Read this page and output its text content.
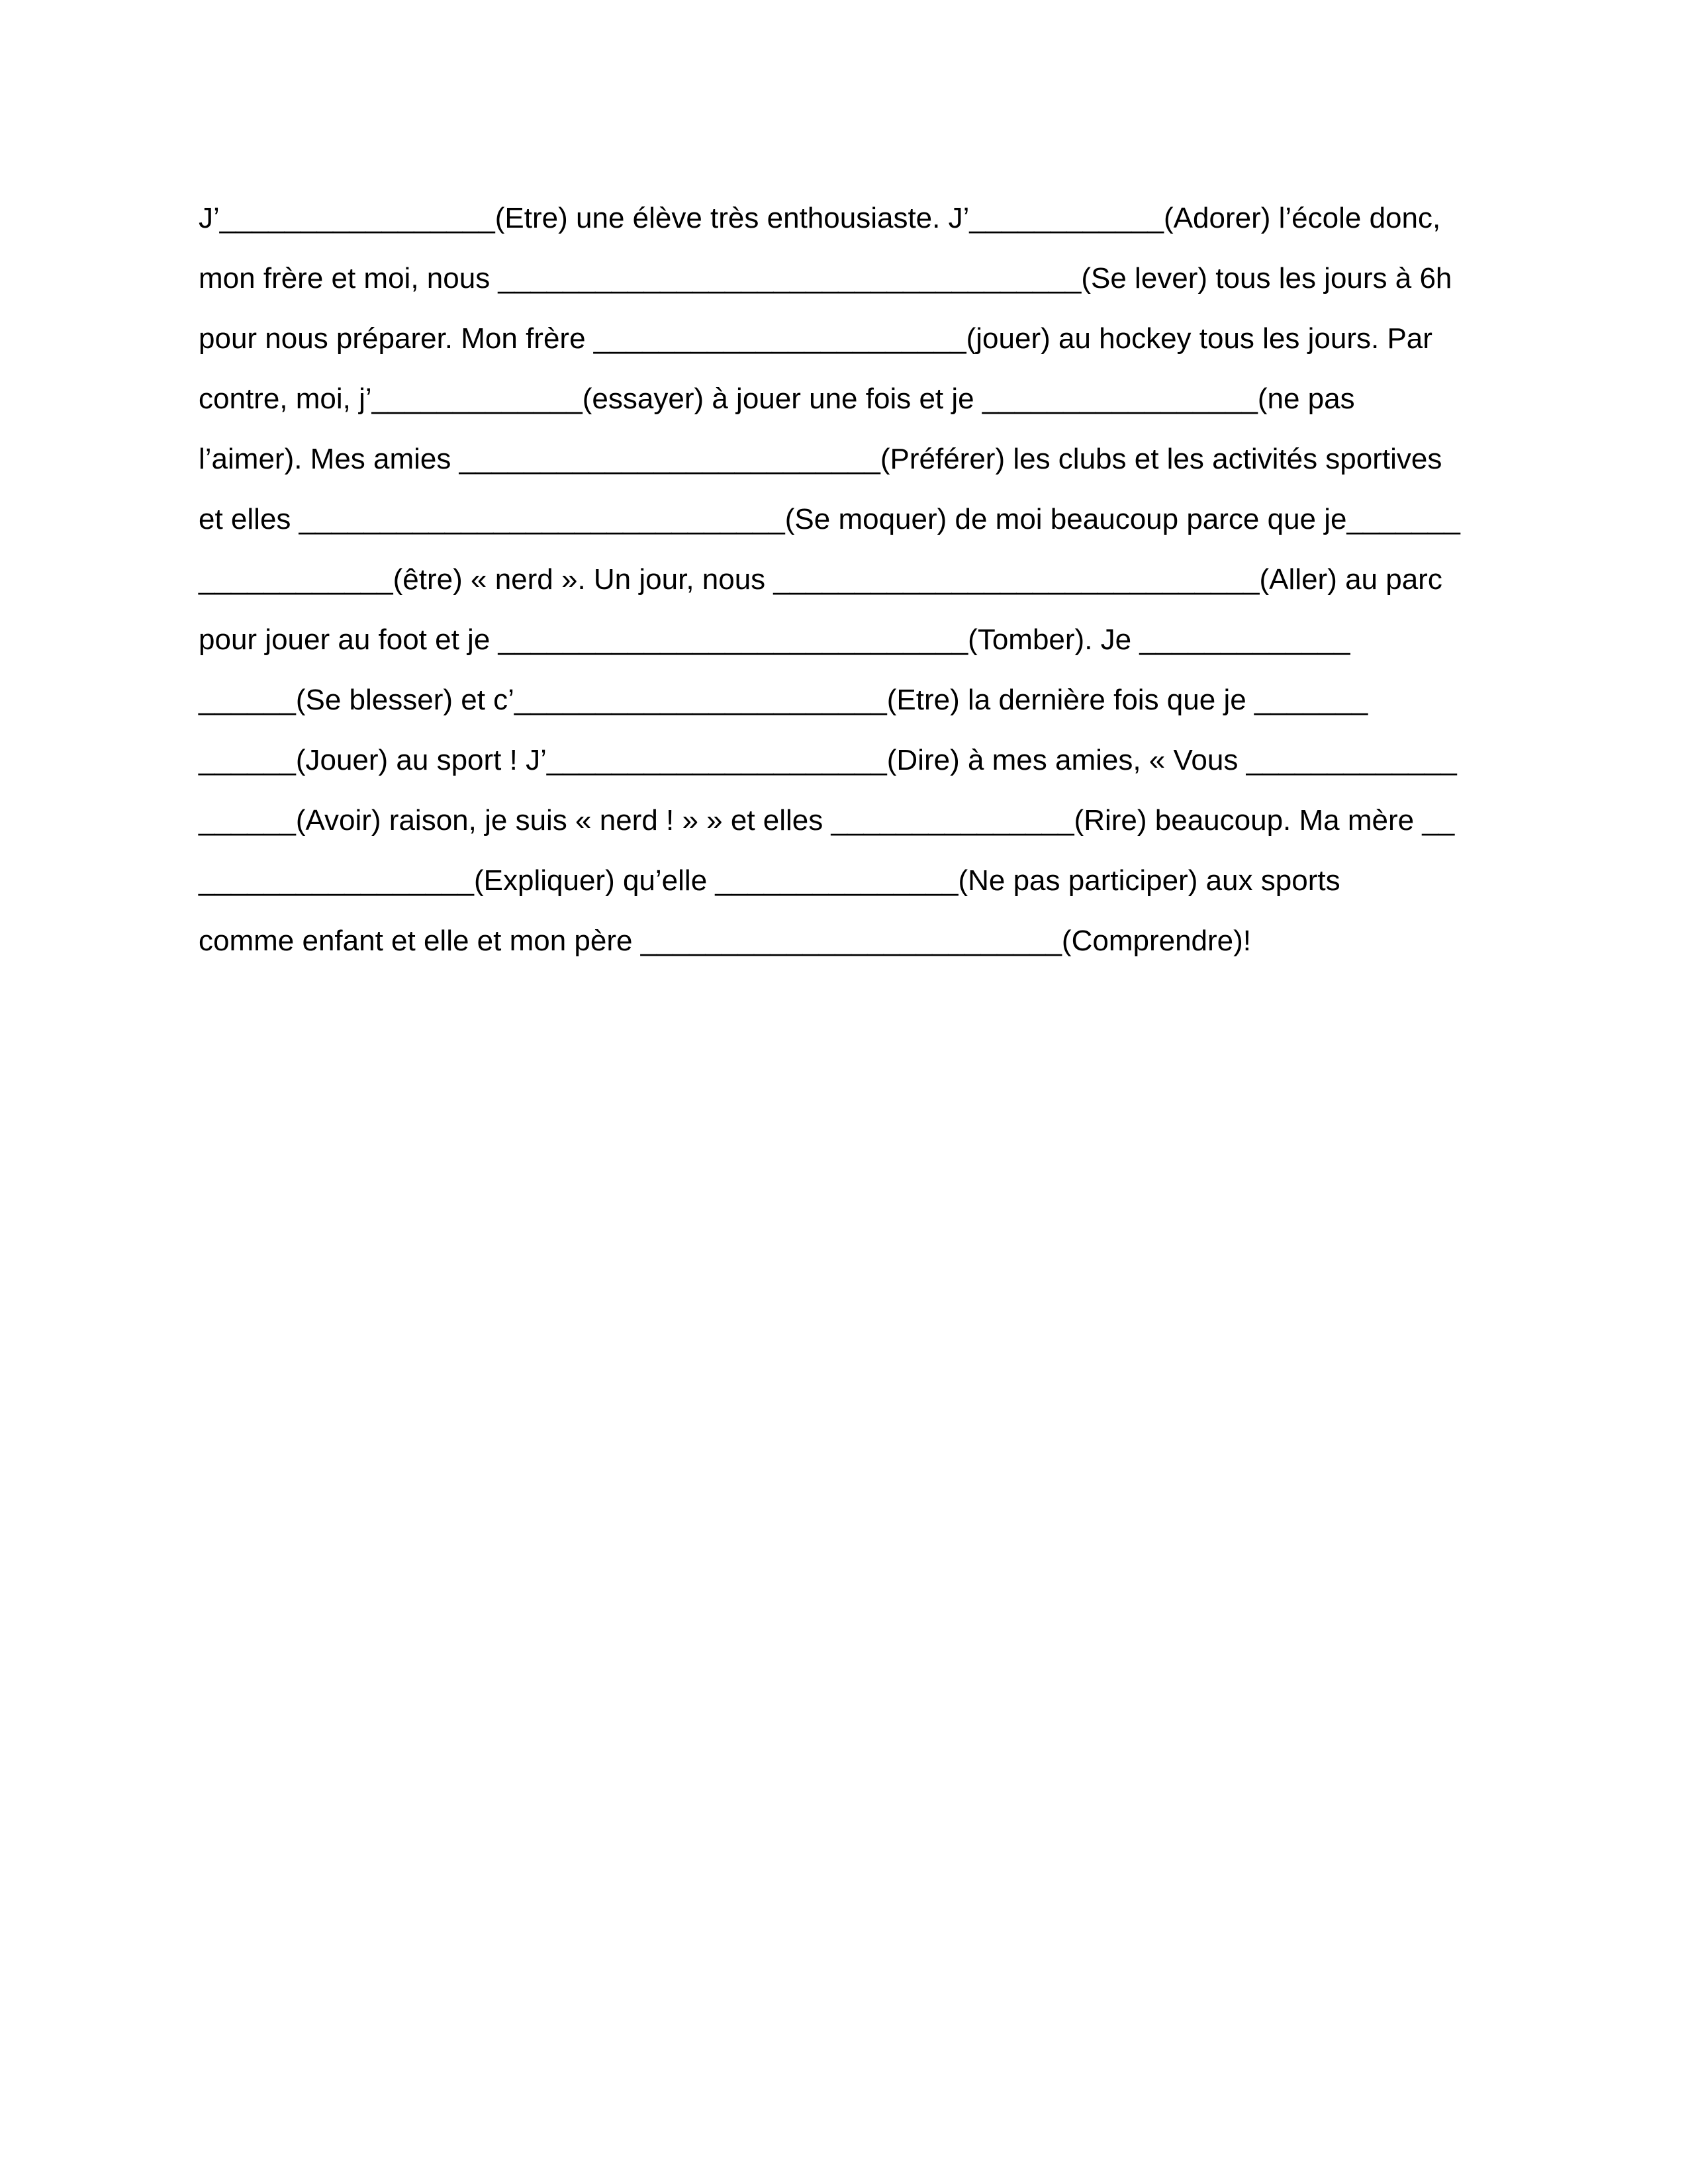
J’_________________(Etre) une élève très enthousiaste. J’____________(Adorer) l’école donc,
mon frère et moi, nous ____________________________________(Se lever) tous les jours à 6h
pour nous préparer. Mon frère _______________________(jouer) au hockey tous les jours. Par
contre, moi, j’_____________(essayer) à jouer une fois et je _________________(ne pas
l’aimer). Mes amies __________________________(Préférer) les clubs et les activités sportives
et elles ______________________________(Se moquer) de moi beaucoup parce que je_______
____________(être) « nerd ». Un jour, nous ______________________________(Aller) au parc
pour jouer au foot et je _____________________________(Tomber). Je _____________
______(Se blesser) et c’_______________________(Etre) la dernière fois que je _______
______(Jouer) au sport ! J’_____________________(Dire) à mes amies, « Vous _____________
______(Avoir) raison, je suis « nerd ! » » et elles _______________(Rire) beaucoup. Ma mère __
_________________(Expliquer) qu’elle _______________(Ne pas participer) aux sports
comme enfant et elle et mon père __________________________(Comprendre)!
